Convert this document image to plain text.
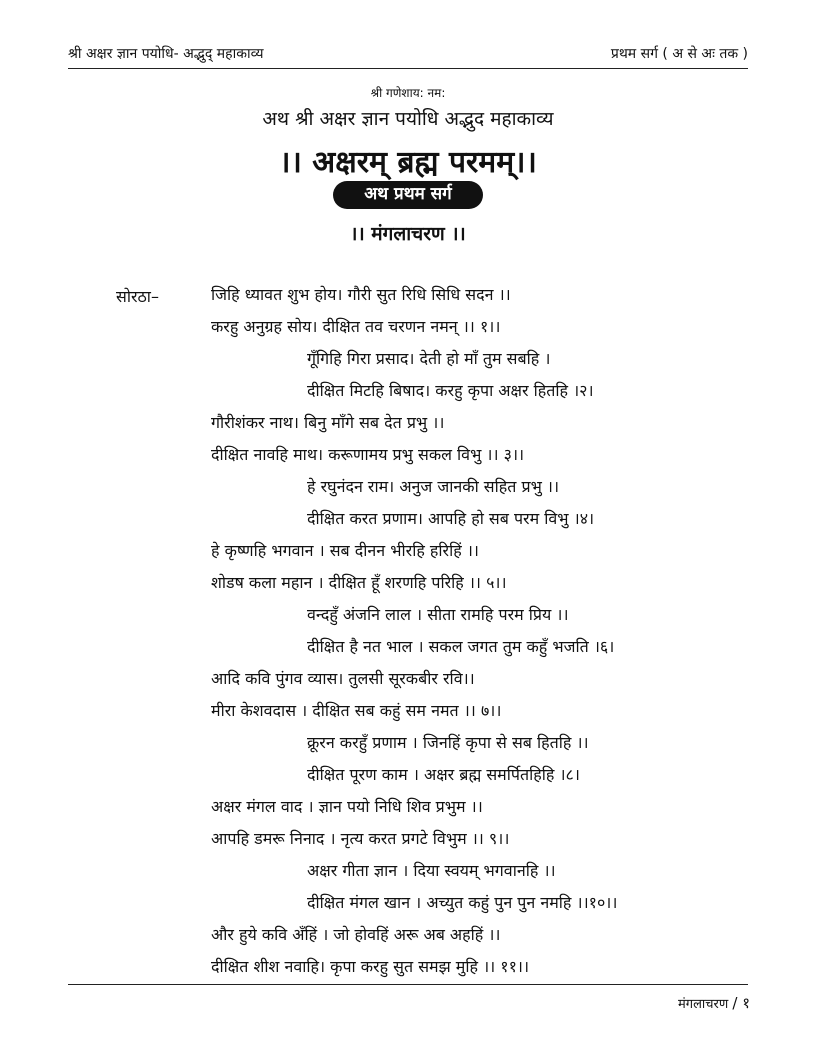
श्री अक्षर ज्ञान पयोधि- अद्भुद् महाकाव्य	प्रथम सर्ग ( अ से अः तक )
श्री गणेशाय: नम:
अथ श्री अक्षर ज्ञान पयोधि अद्भुद महाकाव्य
।। अक्षरम् ब्रह्म परमम्।।
अथ प्रथम सर्ग
।। मंगलाचरण ।।
सोरठा–	जिहि ध्यावत शुभ होय। गौरी सुत रिधि सिधि सदन ।।
करहु अनुग्रह सोय। दीक्षित तव चरणन नमन् ।। १।।
गूँगिहि गिरा प्रसाद। देती हो माँ तुम सबहि ।
दीक्षित मिटहि बिषाद। करहु कृपा अक्षर हितहि ।२।
गौरीशंकर नाथ। बिनु माँगे सब देत प्रभु ।।
दीक्षित नावहि माथ। करूणामय प्रभु सकल विभु ।। ३।।
हे रघुनंदन राम। अनुज जानकी सहित प्रभु ।।
दीक्षित करत प्रणाम। आपहि हो सब परम विभु ।४।
हे कृष्णहि भगवान । सब दीनन भीरहि हरिहिं ।।
शोडष कला महान । दीक्षित हूँ शरणहि परिहि ।। ५।।
वन्दहुँ अंजनि लाल । सीता रामहि परम प्रिय ।।
दीक्षित है नत भाल । सकल जगत तुम कहुँ भजति ।६।
आदि कवि पुंगव व्यास। तुलसी सूरकबीर रवि।।
मीरा केशवदास । दीक्षित सब कहुं सम नमत ।। ७।।
क्रूरन करहुँ प्रणाम । जिनहिं कृपा से सब हितहि ।।
दीक्षित पूरण काम । अक्षर ब्रह्म समर्पितहिहि ।८।
अक्षर मंगल वाद । ज्ञान पयो निधि शिव प्रभुम ।।
आपहि डमरू निनाद । नृत्य करत प्रगटे विभुम ।। ९।।
अक्षर गीता ज्ञान । दिया स्वयम् भगवानहि ।।
दीक्षित मंगल खान । अच्युत कहुं पुन पुन नमहि ।।१०।।
और हुये कवि अँहिं । जो होवहिं अरू अब अहहिं ।।
दीक्षित शीश नवाहि। कृपा करहु सुत समझ मुहि ।। ११।।
मंगलाचरण / १
